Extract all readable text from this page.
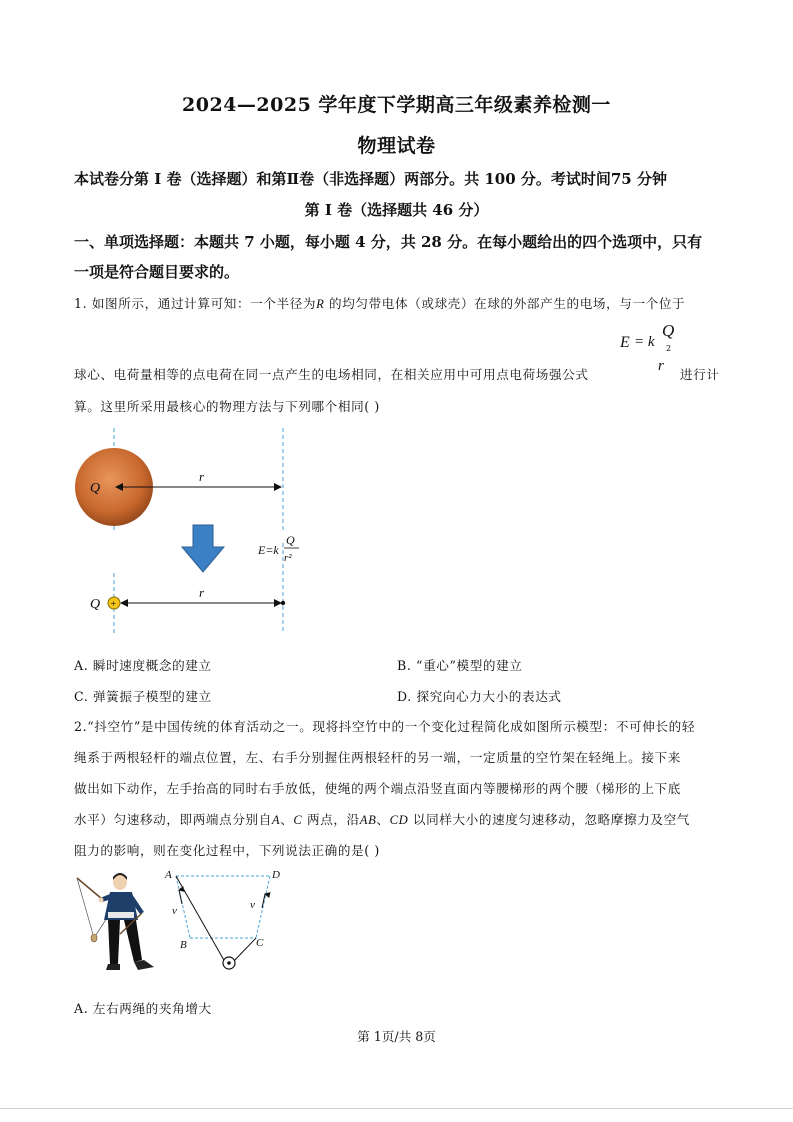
2024—2025 学年度下学期高三年级素养检测一
物理试卷
本试卷分第 I 卷（选择题）和第Ⅱ卷（非选择题）两部分。共 100 分。考试时间75 分钟
第 I 卷（选择题共 46 分）
一、单项选择题：本题共 7 小题，每小题 4 分，共 28 分。在每小题给出的四个选项中，只有
一项是符合题目要求的。
1. 如图所示，通过计算可知：一个半径为R 的均匀带电体（或球壳）在球的外部产生的电场，与一个位于
E = k
Q
2
r
球心、电荷量相等的点电荷在同一点产生的电场相同，在相关应用中可用点电荷场强公式	进行计
算。这里所采用最核心的物理方法与下列哪个相同( )
Q
r
E=k
Q
r²
Q +
r
A. 瞬时速度概念的建立	B. “重心”模型的建立
C. 弹簧振子模型的建立	D. 探究向心力大小的表达式
2.“抖空竹”是中国传统的体育活动之一。现将抖空竹中的一个变化过程简化成如图所示模型：不可伸长的轻
绳系于两根轻杆的端点位置，左、右手分别握住两根轻杆的另一端，一定质量的空竹架在轻绳上。接下来
做出如下动作，左手抬高的同时右手放低，使绳的两个端点沿竖直面内等腰梯形的两个腰（梯形的上下底
水平）匀速移动，即两端点分别自A、C 两点，沿AB、CD 以同样大小的速度匀速移动，忽略摩擦力及空气
阻力的影响，则在变化过程中，下列说法正确的是( )
A
B	C
D
v	v
A. 左右两绳的夹角增大
第 1页/共 8页
